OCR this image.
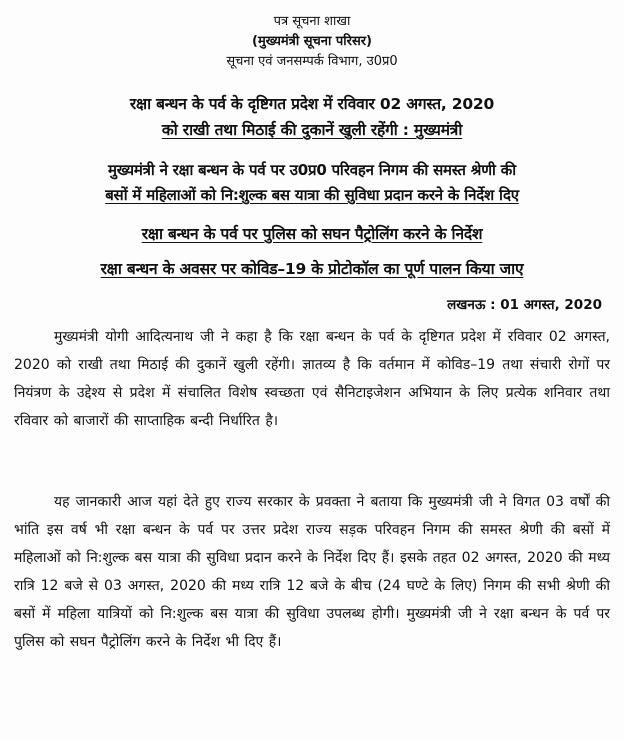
पत्र सूचना शाखा
(मुख्यमंत्री सूचना परिसर)
सूचना एवं जनसम्पर्क विभाग, उ0प्र0
रक्षा बन्धन के पर्व के दृष्टिगत प्रदेश में रविवार 02 अगस्त, 2020
को राखी तथा मिठाई की दुकानें खुली रहेंगी : मुख्यमंत्री
मुख्यमंत्री ने रक्षा बन्धन के पर्व पर उ0प्र0 परिवहन निगम की समस्त श्रेणी की
बसों में महिलाओं को नि:शुल्क बस यात्रा की सुविधा प्रदान करने के निर्देश दिए
रक्षा बन्धन के पर्व पर पुलिस को सघन पैट्रोलिंग करने के निर्देश
रक्षा बन्धन के अवसर पर कोविड–19 के प्रोटोकॉल का पूर्ण पालन किया जाए
लखनऊ : 01 अगस्त, 2020
मुख्यमंत्री योगी आदित्यनाथ जी ने कहा है कि रक्षा बन्धन के पर्व के दृष्टिगत प्रदेश में रविवार 02 अगस्त, 2020 को राखी तथा मिठाई की दुकानें खुली रहेंगी। ज्ञातव्य है कि वर्तमान में कोविड–19 तथा संचारी रोगों पर नियंत्रण के उद्देश्य से प्रदेश में संचालित विशेष स्वच्छता एवं सैनिटाइजेशन अभियान के लिए प्रत्येक शनिवार तथा रविवार को बाजारों की साप्ताहिक बन्दी निर्धारित है।
यह जानकारी आज यहां देते हुए राज्य सरकार के प्रवक्ता ने बताया कि मुख्यमंत्री जी ने विगत 03 वर्षों की भांति इस वर्ष भी रक्षा बन्धन के पर्व पर उत्तर प्रदेश राज्य सड़क परिवहन निगम की समस्त श्रेणी की बसों में महिलाओं को नि:शुल्क बस यात्रा की सुविधा प्रदान करने के निर्देश दिए हैं। इसके तहत 02 अगस्त, 2020 की मध्य रात्रि 12 बजे से 03 अगस्त, 2020 की मध्य रात्रि 12 बजे के बीच (24 घण्टे के लिए) निगम की सभी श्रेणी की बसों में महिला यात्रियों को नि:शुल्क बस यात्रा की सुविधा उपलब्ध होगी। मुख्यमंत्री जी ने रक्षा बन्धन के पर्व पर पुलिस को सघन पैट्रोलिंग करने के निर्देश भी दिए हैं।
